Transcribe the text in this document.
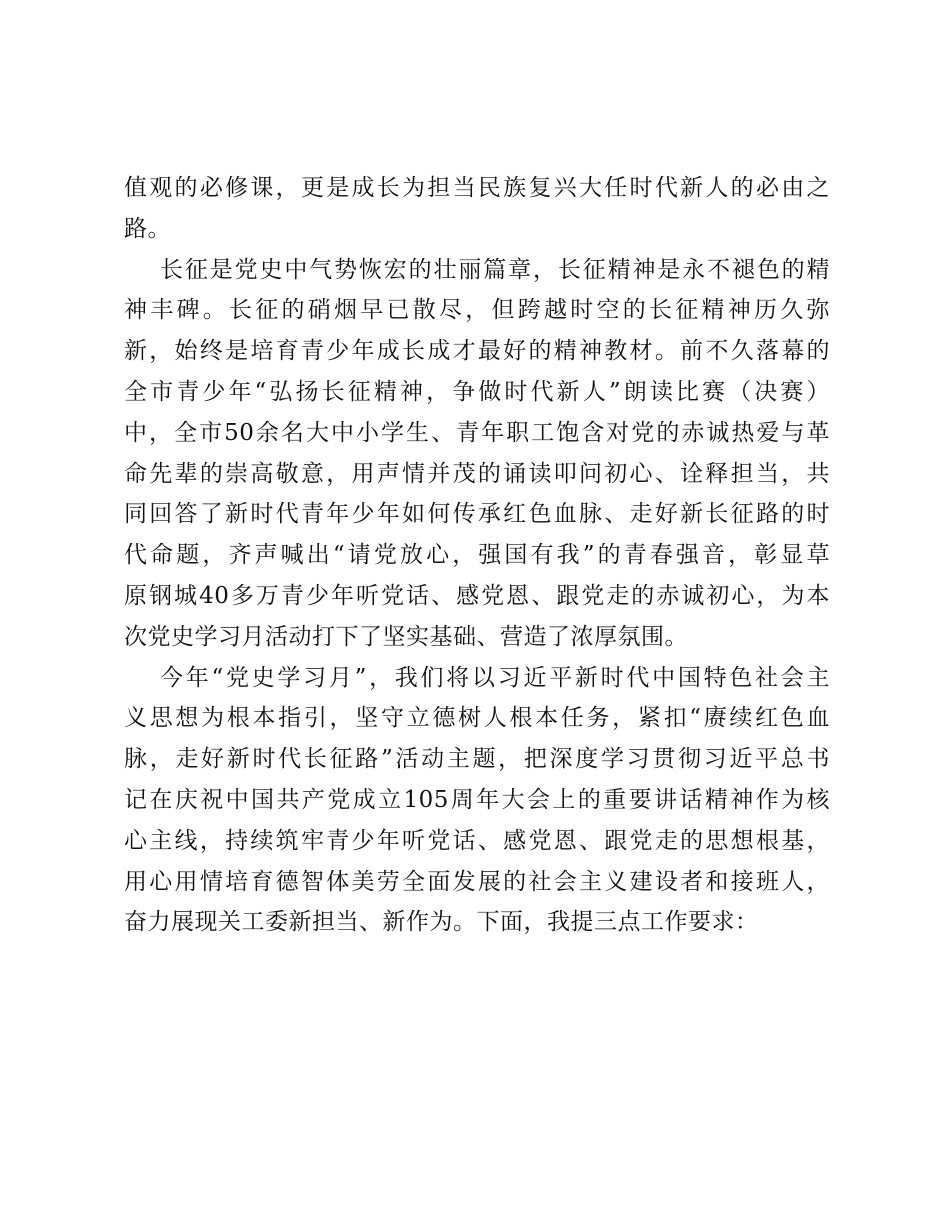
值观的必修课，更是成长为担当民族复兴大任时代新人的必由之
路。
长征是党史中气势恢宏的壮丽篇章，长征精神是永不褪色的精
神丰碑。长征的硝烟早已散尽，但跨越时空的长征精神历久弥
新，始终是培育青少年成长成才最好的精神教材。前不久落幕的
全市青少年“弘扬长征精神，争做时代新人”朗读比赛（决赛）
中，全市50余名大中小学生、青年职工饱含对党的赤诚热爱与革
命先辈的崇高敬意，用声情并茂的诵读叩问初心、诠释担当，共
同回答了新时代青年少年如何传承红色血脉、走好新长征路的时
代命题，齐声喊出“请党放心，强国有我”的青春强音，彰显草
原钢城40多万青少年听党话、感党恩、跟党走的赤诚初心，为本
次党史学习月活动打下了坚实基础、营造了浓厚氛围。
今年“党史学习月”，我们将以习近平新时代中国特色社会主
义思想为根本指引，坚守立德树人根本任务，紧扣“赓续红色血
脉，走好新时代长征路”活动主题，把深度学习贯彻习近平总书
记在庆祝中国共产党成立105周年大会上的重要讲话精神作为核
心主线，持续筑牢青少年听党话、感党恩、跟党走的思想根基，
用心用情培育德智体美劳全面发展的社会主义建设者和接班人，
奋力展现关工委新担当、新作为。下面，我提三点工作要求：
